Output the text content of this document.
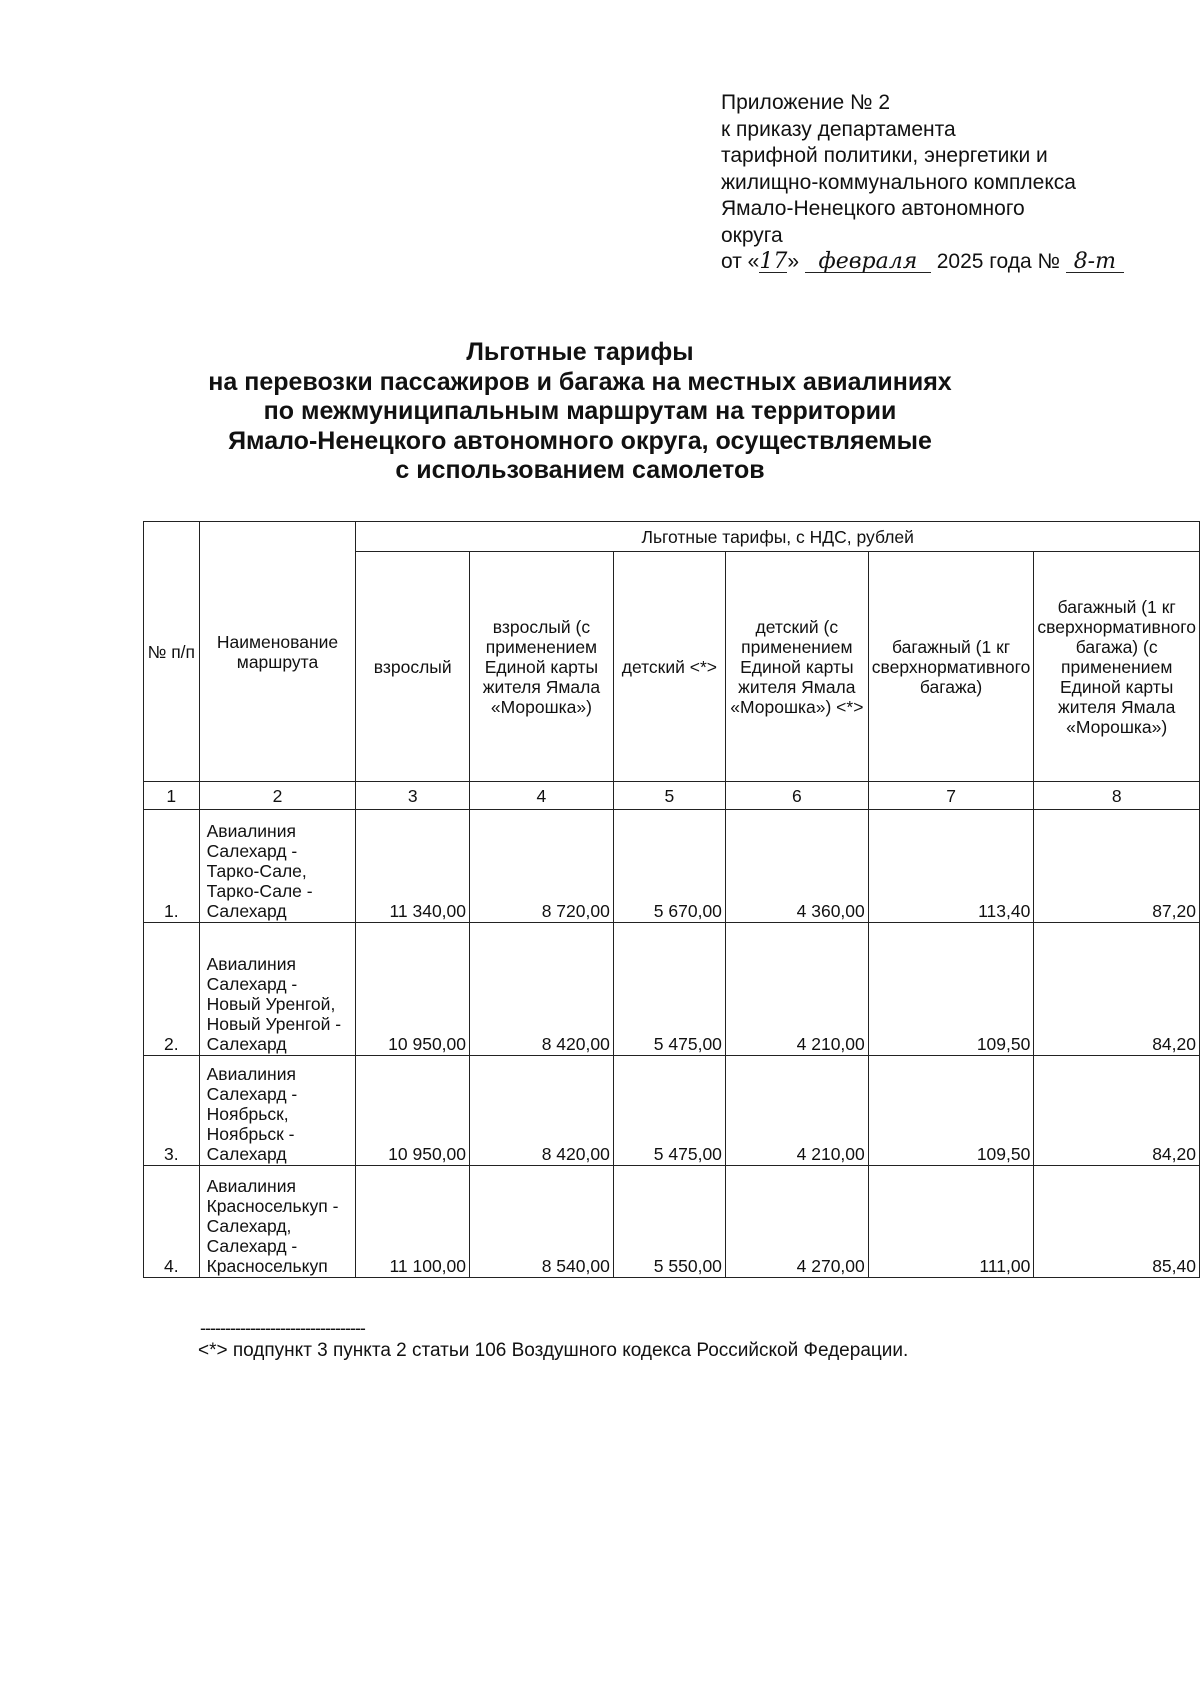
Приложение № 2
к приказу департамента
тарифной политики, энергетики и
жилищно-коммунального комплекса
Ямало-Ненецкого автономного
округа
от «17» февраля 2025 года № 8-т
Льготные тарифы
на перевозки пассажиров и багажа на местных авиалиниях
по межмуниципальным маршрутам на территории
Ямало-Ненецкого автономного округа, осуществляемые
с использованием самолетов
№ п/п	Наименование маршрута	Льготные тарифы, с НДС, рублей					
		взрослый	взрослый (с применением Единой карты жителя Ямала «Морошка»)	детский <*>	детский (с применением Единой карты жителя Ямала «Морошка») <*>	багажный (1 кг сверхнормативного багажа)	багажный (1 кг сверхнормативного багажа) (с применением Единой карты жителя Ямала «Морошка»)
1	2	3	4	5	6	7	8
1.	Авиалиния Салехард - Тарко-Сале, Тарко-Сале - Салехард	11 340,00	8 720,00	5 670,00	4 360,00	113,40	87,20
2.	Авиалиния Салехард - Новый Уренгой, Новый Уренгой - Салехард	10 950,00	8 420,00	5 475,00	4 210,00	109,50	84,20
3.	Авиалиния Салехард - Ноябрьск, Ноябрьск - Салехард	10 950,00	8 420,00	5 475,00	4 210,00	109,50	84,20
4.	Авиалиния Красноселькуп - Салехард, Салехард - Красноселькуп	11 100,00	8 540,00	5 550,00	4 270,00	111,00	85,40
---------------------------------
<*> подпункт 3 пункта 2 статьи 106 Воздушного кодекса Российской Федерации.
